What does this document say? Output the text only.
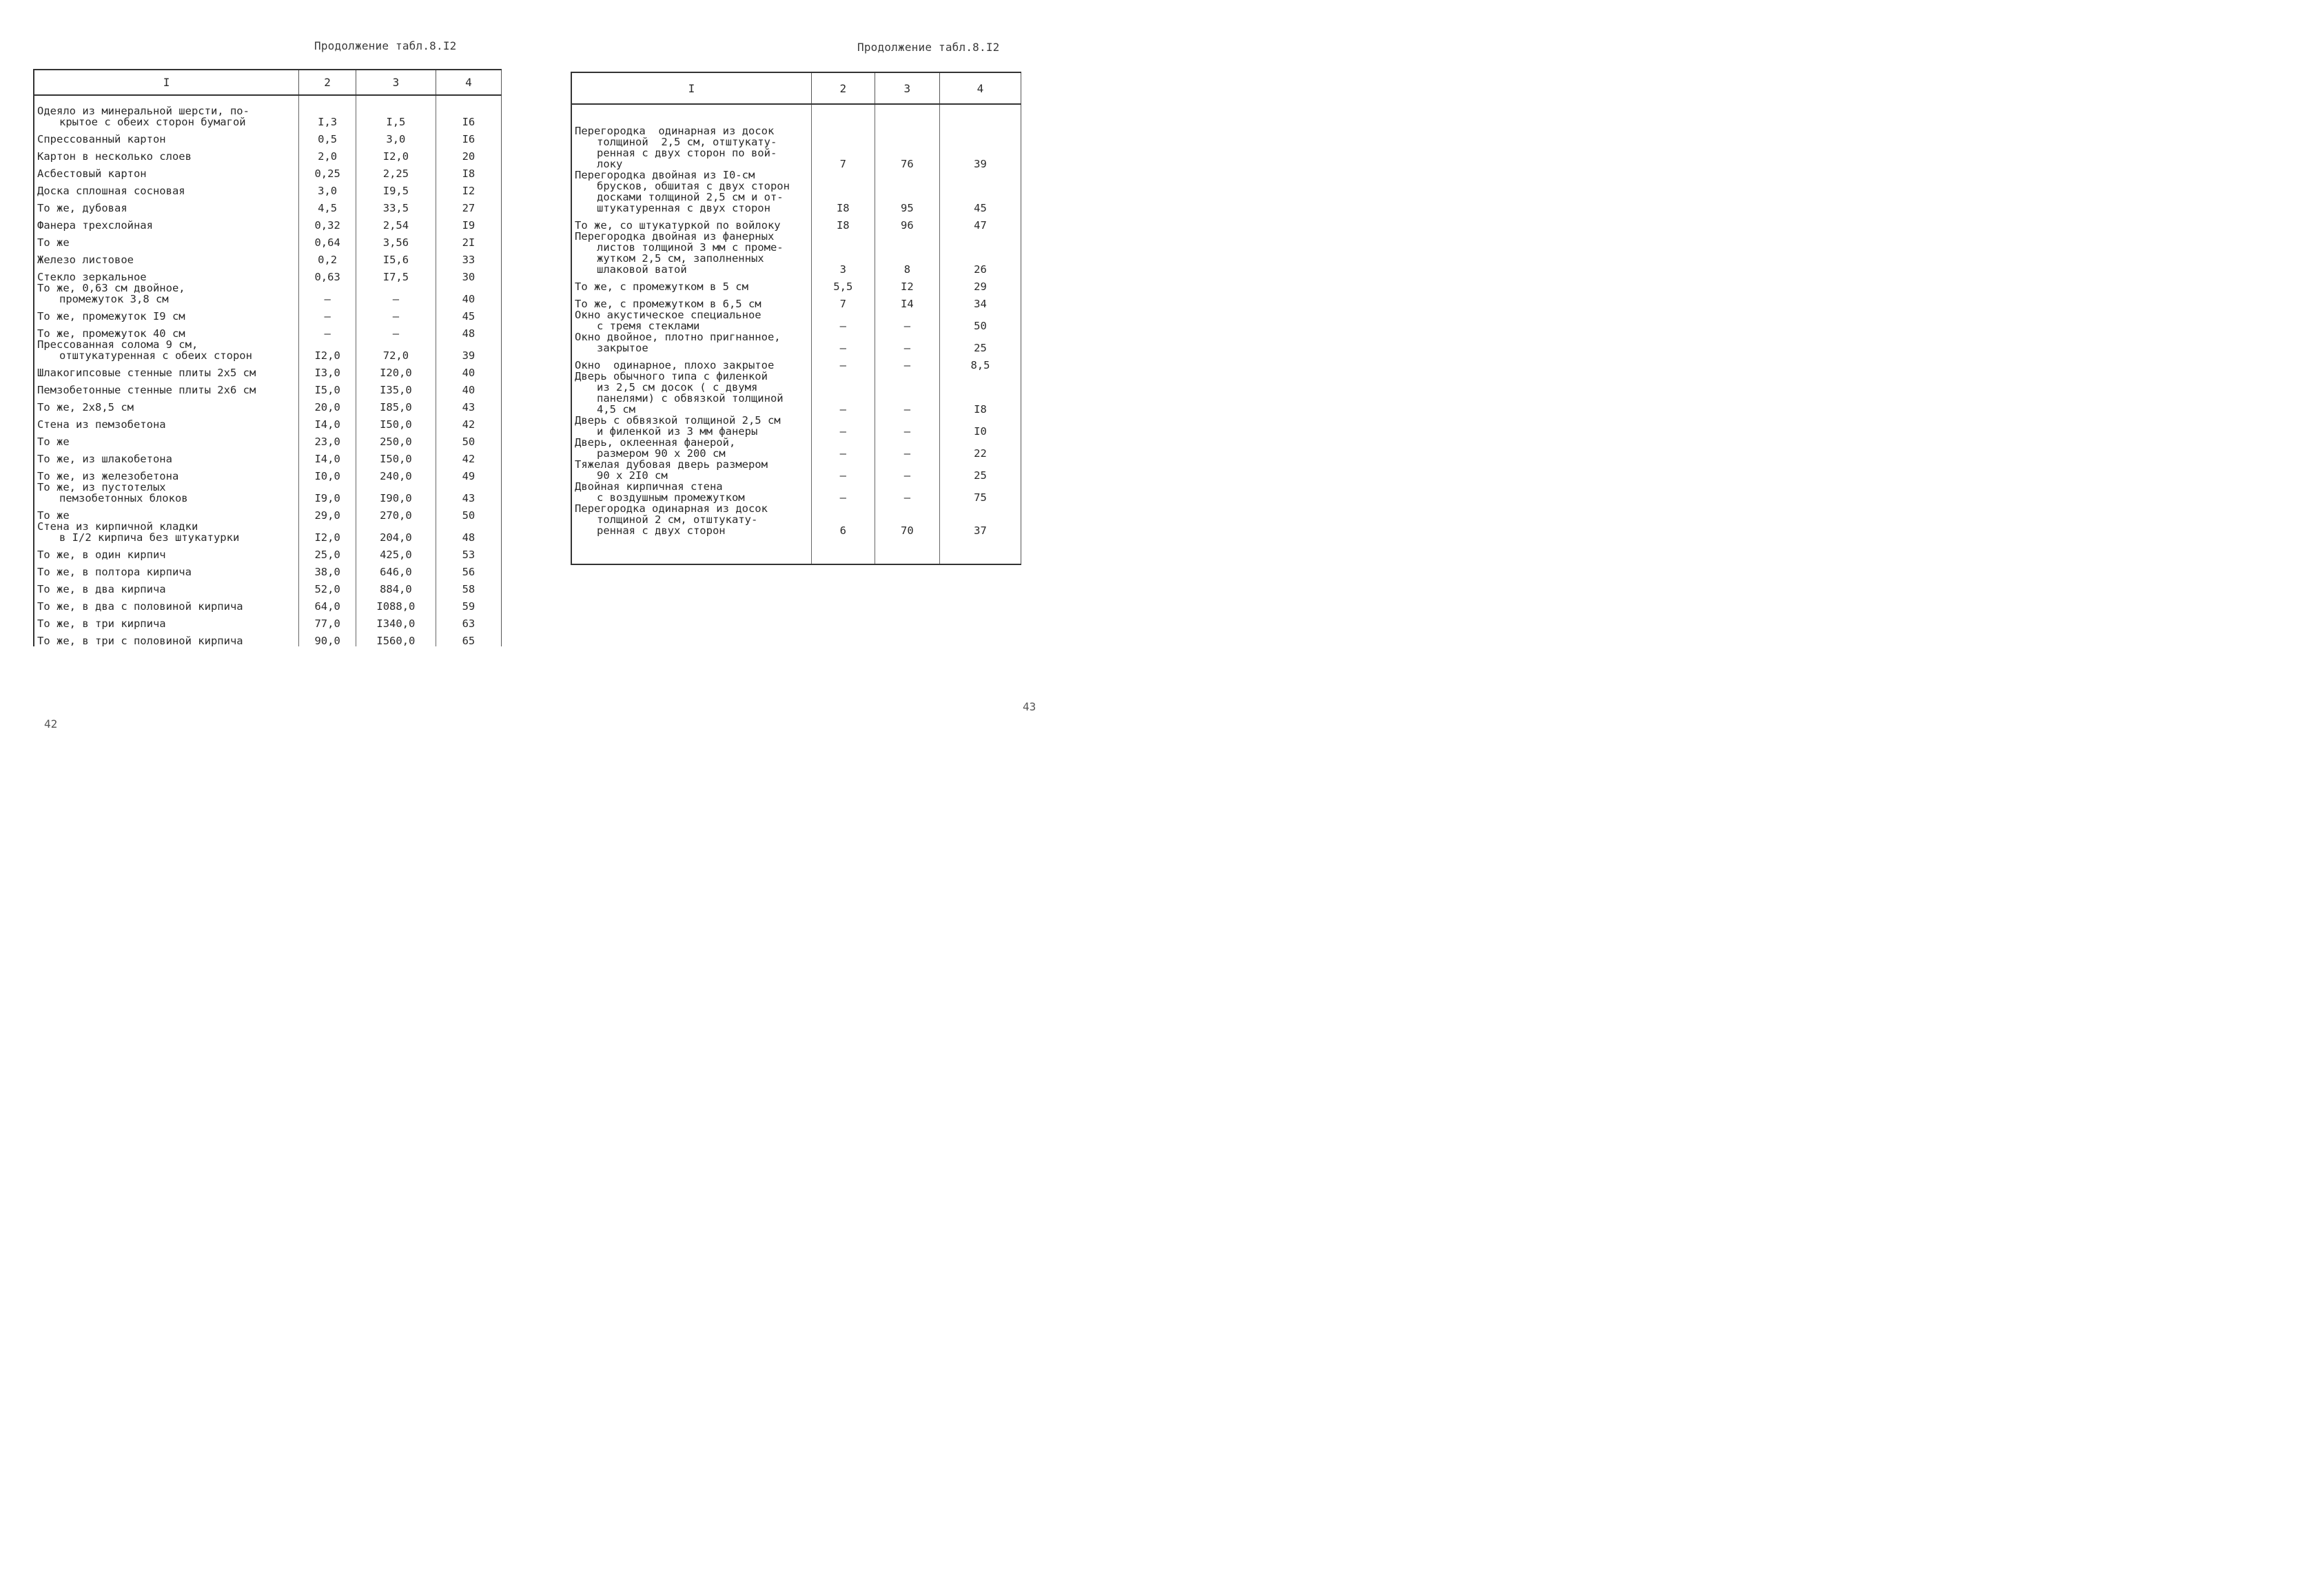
Продолжение табл.8.I2
I	2	3	4

Одеяло из минеральной шерсти, по-
крытое с обеих сторон бумагой	I,3	I,5	I6

Спрессованный картон	0,5	3,0	I6

Картон в несколько слоев	2,0	I2,0	20

Асбестовый картон	0,25	2,25	I8

Доска сплошная сосновая	3,0	I9,5	I2

То же, дубовая	4,5	33,5	27

Фанера трехслойная	0,32	2,54	I9

То же	0,64	3,56	2I

Железо листовое	0,2	I5,6	33

Стекло зеркальное	0,63	I7,5	30

То же, 0,63 см двойное,
промежуток 3,8 см	–	–	40

То же, промежуток I9 см	–	–	45

То же, промежуток 40 см	–	–	48

Прессованная солома 9 см,
отштукатуренная с обеих сторон	I2,0	72,0	39

Шлакогипсовые стенные плиты 2х5 см	I3,0	I20,0	40

Пемзобетонные стенные плиты 2х6 см	I5,0	I35,0	40

То же, 2х8,5 см	20,0	I85,0	43

Стена из пемзобетона	I4,0	I50,0	42

То же	23,0	250,0	50

То же, из шлакобетона	I4,0	I50,0	42

То же, из железобетона	I0,0	240,0	49

То же, из пустотелых
пемзобетонных блоков	I9,0	I90,0	43

То же	29,0	270,0	50

Стена из кирпичной кладки
в I/2 кирпича без штукатурки	I2,0	204,0	48

То же, в один кирпич	25,0	425,0	53

То же, в полтора кирпича	38,0	646,0	56

То же, в два кирпича	52,0	884,0	58

То же, в два с половиной кирпича	64,0	I088,0	59

То же, в три кирпича	77,0	I340,0	63

То же, в три с половиной кирпича	90,0	I560,0	65
42
Продолжение табл.8.I2
I	2	3	4

Перегородка  одинарная из досок
толщиной  2,5 см, отштукату-
ренная с двух сторон по вой-
локу	7	76	39

Перегородка двойная из I0-см
брусков, обшитая с двух сторон
досками толщиной 2,5 см и от-
штукатуренная с двух сторон	I8	95	45

То же, со штукатуркой по войлоку	I8	96	47

Перегородка двойная из фанерных
листов толщиной 3 мм с проме-
жутком 2,5 см, заполненных
шлаковой ватой	3	8	26

То же, с промежутком в 5 см	5,5	I2	29

То же, с промежутком в 6,5 см	7	I4	34

Окно акустическое специальное
с тремя стеклами	–	–	50

Окно двойное, плотно пригнанное,
закрытое	–	–	25

Окно  одинарное, плохо закрытое	–	–	8,5

Дверь обычного типа с филенкой
из 2,5 см досок ( с двумя
панелями) с обвязкой толщиной
4,5 см	–	–	I8

Дверь с обвязкой толщиной 2,5 см
и филенкой из 3 мм фанеры	–	–	I0

Дверь, оклеенная фанерой,
размером 90 х 200 см	–	–	22

Тяжелая дубовая дверь размером
90 х 2I0 см	–	–	25

Двойная кирпичная стена
с воздушным промежутком	–	–	75

Перегородка одинарная из досок
толщиной 2 см, отштукату-
ренная с двух сторон	6	70	37
43
